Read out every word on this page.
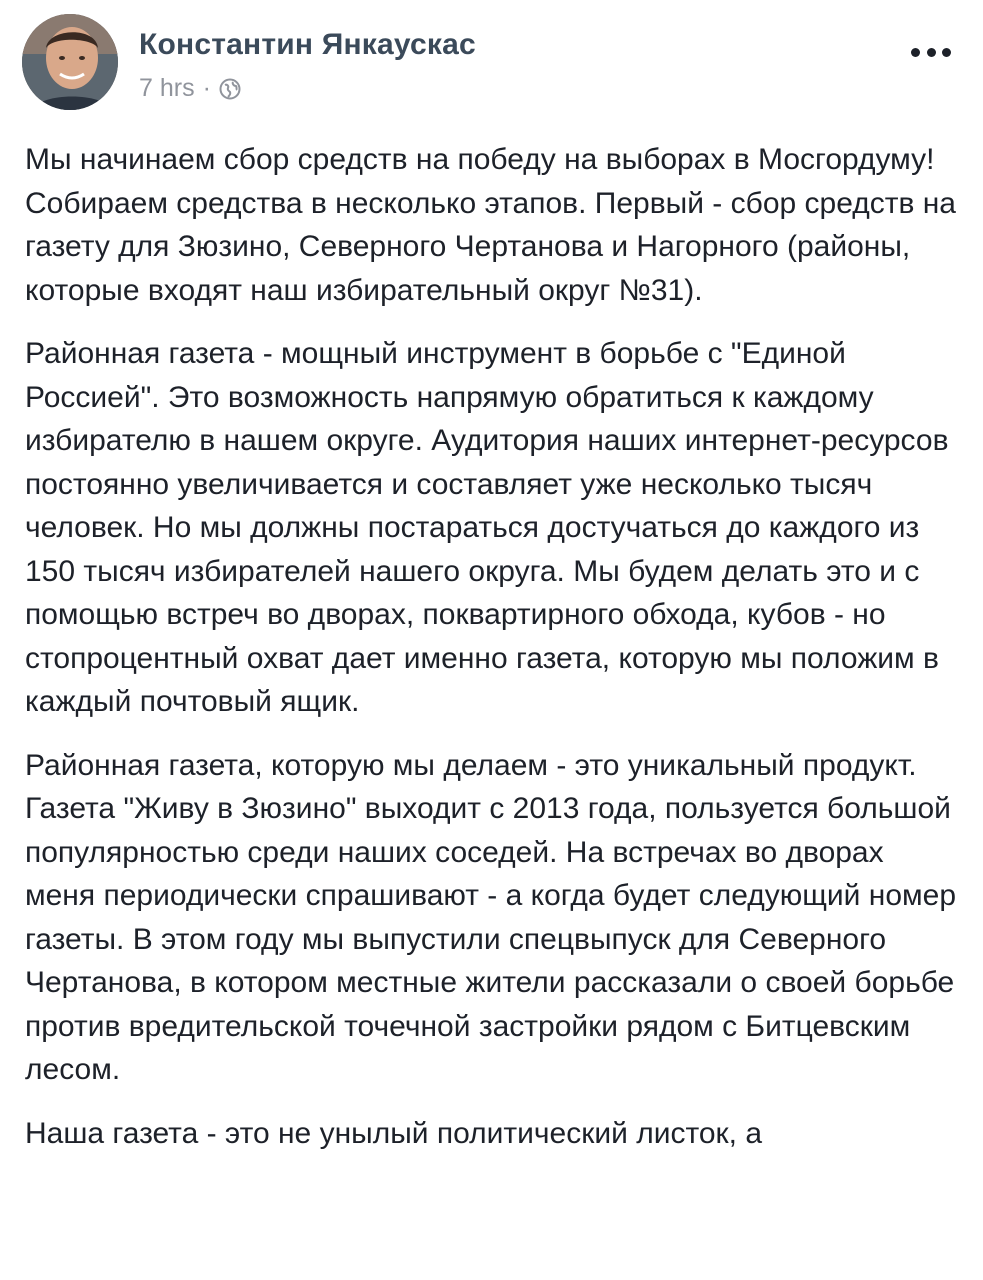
Константин Янкаускас
7 hrs ·

Мы начинаем сбор средств на победу на выборах в Мосгордуму! Собираем средства в несколько этапов. Первый - сбор средств на газету для Зюзино, Северного Чертанова и Нагорного (районы, которые входят наш избирательный округ №31).

Районная газета - мощный инструмент в борьбе с "Единой Россией". Это возможность напрямую обратиться к каждому избирателю в нашем округе. Аудитория наших интернет-ресурсов постоянно увеличивается и составляет уже несколько тысяч человек. Но мы должны постараться достучаться до каждого из 150 тысяч избирателей нашего округа. Мы будем делать это и с помощью встреч во дворах, поквартирного обхода, кубов - но стопроцентный охват дает именно газета, которую мы положим в каждый почтовый ящик.

Районная газета, которую мы делаем - это уникальный продукт. Газета "Живу в Зюзино" выходит с 2013 года, пользуется большой популярностью среди наших соседей. На встречах во дворах меня периодически спрашивают - а когда будет следующий номер газеты. В этом году мы выпустили спецвыпуск для Северного Чертанова, в котором местные жители рассказали о своей борьбе против вредительской точечной застройки рядом с Битцевским лесом.

Наша газета - это не унылый политический листок, а
